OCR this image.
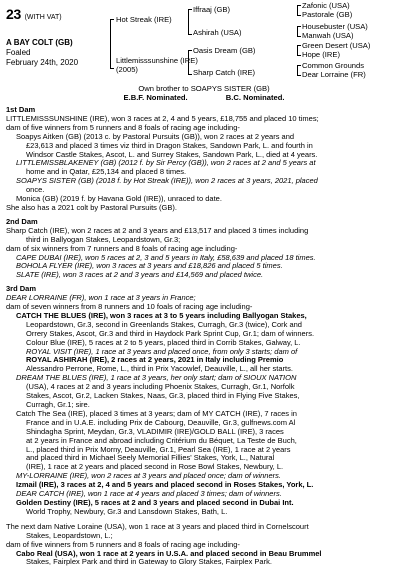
23 (WITH VAT)
A BAY COLT (GB)
Foaled
February 24th, 2020
Hot Streak (IRE)
Littlemisssunshine (IRE)
(2005)
Iffraaj (GB)
Ashirah (USA)
Oasis Dream (GB)
Sharp Catch (IRE)
Zafonic (USA)
Pastorale (GB)
Housebuster (USA)
Manwah (USA)
Green Desert (USA)
Hope (IRE)
Common Grounds
Dear Lorraine (FR)
Own brother to SOAPYS SISTER (GB)
E.B.F. Nominated.	B.C. Nominated.
1st Dam
LITTLEMISSSUNSHINE (IRE), won 3 races at 2, 4 and 5 years, £18,755 and placed 10 times;
dam of five winners from 5 runners and 8 foals of racing age including-
Soapys Aitken (GB) (2013 c. by Pastoral Pursuits (GB)), won 2 races at 2 years and
£23,613 and placed 3 times viz third in Dragon Stakes, Sandown Park, L. and fourth in
Windsor Castle Stakes, Ascot, L. and Surrey Stakes, Sandown Park, L., died at 4 years.
LITTLEMISSBLAKENEY (GB) (2012 f. by Sir Percy (GB)), won 2 races at 2 and 5 years at
home and in Qatar, £25,134 and placed 8 times.
SOAPYS SISTER (GB) (2018 f. by Hot Streak (IRE)), won 2 races at 3 years, 2021, placed
once.
Monica (GB) (2019 f. by Havana Gold (IRE)), unraced to date.
She also has a 2021 colt by Pastoral Pursuits (GB).
2nd Dam
Sharp Catch (IRE), won 2 races at 2 and 3 years and £13,517 and placed 3 times including
third in Ballyogan Stakes, Leopardstown, Gr.3;
dam of six winners from 7 runners and 8 foals of racing age including-
CAPE DUBAI (IRE), won 5 races at 2, 3 and 5 years in Italy, £58,639 and placed 18 times.
BOHOLA FLYER (IRE), won 3 races at 3 years and £18,826 and placed 5 times.
SLATE (IRE), won 3 races at 2 and 3 years and £14,569 and placed twice.
3rd Dam
DEAR LORRAINE (FR), won 1 race at 3 years in France;
dam of seven winners from 8 runners and 10 foals of racing age including-
CATCH THE BLUES (IRE), won 3 races at 3 to 5 years including Ballyogan Stakes,
Leopardstown, Gr.3, second in Greenlands Stakes, Curragh, Gr.3 (twice), Cork and
Orrery Stakes, Ascot, Gr.3 and third in Haydock Park Sprint Cup, Gr.1; dam of winners.
Colour Blue (IRE), 5 races at 2 to 5 years, placed third in Corrib Stakes, Galway, L.
ROYAL VISIT (IRE), 1 race at 3 years and placed once, from only 3 starts; dam of
ROYAL ASHIRAH (IRE), 2 races at 2 years, 2021 in Italy including Premio
Alessandro Perrone, Rome, L., third in Prix Yacowlef, Deauville, L., all her starts.
DREAM THE BLUES (IRE), 1 race at 3 years, her only start; dam of SIOUX NATION
(USA), 4 races at 2 and 3 years including Phoenix Stakes, Curragh, Gr.1, Norfolk
Stakes, Ascot, Gr.2, Lacken Stakes, Naas, Gr.3, placed third in Flying Five Stakes,
Curragh, Gr.1; sire.
Catch The Sea (IRE), placed 3 times at 3 years; dam of MY CATCH (IRE), 7 races in
France and in U.A.E. including Prix de Cabourg, Deauville, Gr.3, gulfnews.com Al
Shindagha Sprint, Meydan, Gr.3, VLADIMIR (IRE)/GOLD BALL (IRE), 3 races
at 2 years in France and abroad including Critérium du Béquet, La Teste de Buch,
L., placed third in Prix Morny, Deauville, Gr.1, Pearl Sea (IRE), 1 race at 2 years
and placed third in Michael Seely Memorial Fillies' Stakes, York, L., Natural
(IRE), 1 race at 2 years and placed second in Rose Bowl Stakes, Newbury, L.
MY-LORRAINE (IRE), won 2 races at 3 years and placed once; dam of winners.
Izmail (IRE), 3 races at 2, 4 and 5 years and placed second in Roses Stakes, York, L.
DEAR CATCH (IRE), won 1 race at 4 years and placed 3 times; dam of winners.
Golden Destiny (IRE), 5 races at 2 and 3 years and placed second in Dubai Int.
World Trophy, Newbury, Gr.3 and Lansdown Stakes, Bath, L.
The next dam Native Loraine (USA), won 1 race at 3 years and placed third in Cornelscourt
Stakes, Leopardstown, L.;
dam of five winners from 5 runners and 8 foals of racing age including-
Cabo Real (USA), won 1 race at 2 years in U.S.A. and placed second in Beau Brummel
Stakes, Fairplex Park and third in Gateway to Glory Stakes, Fairplex Park.
